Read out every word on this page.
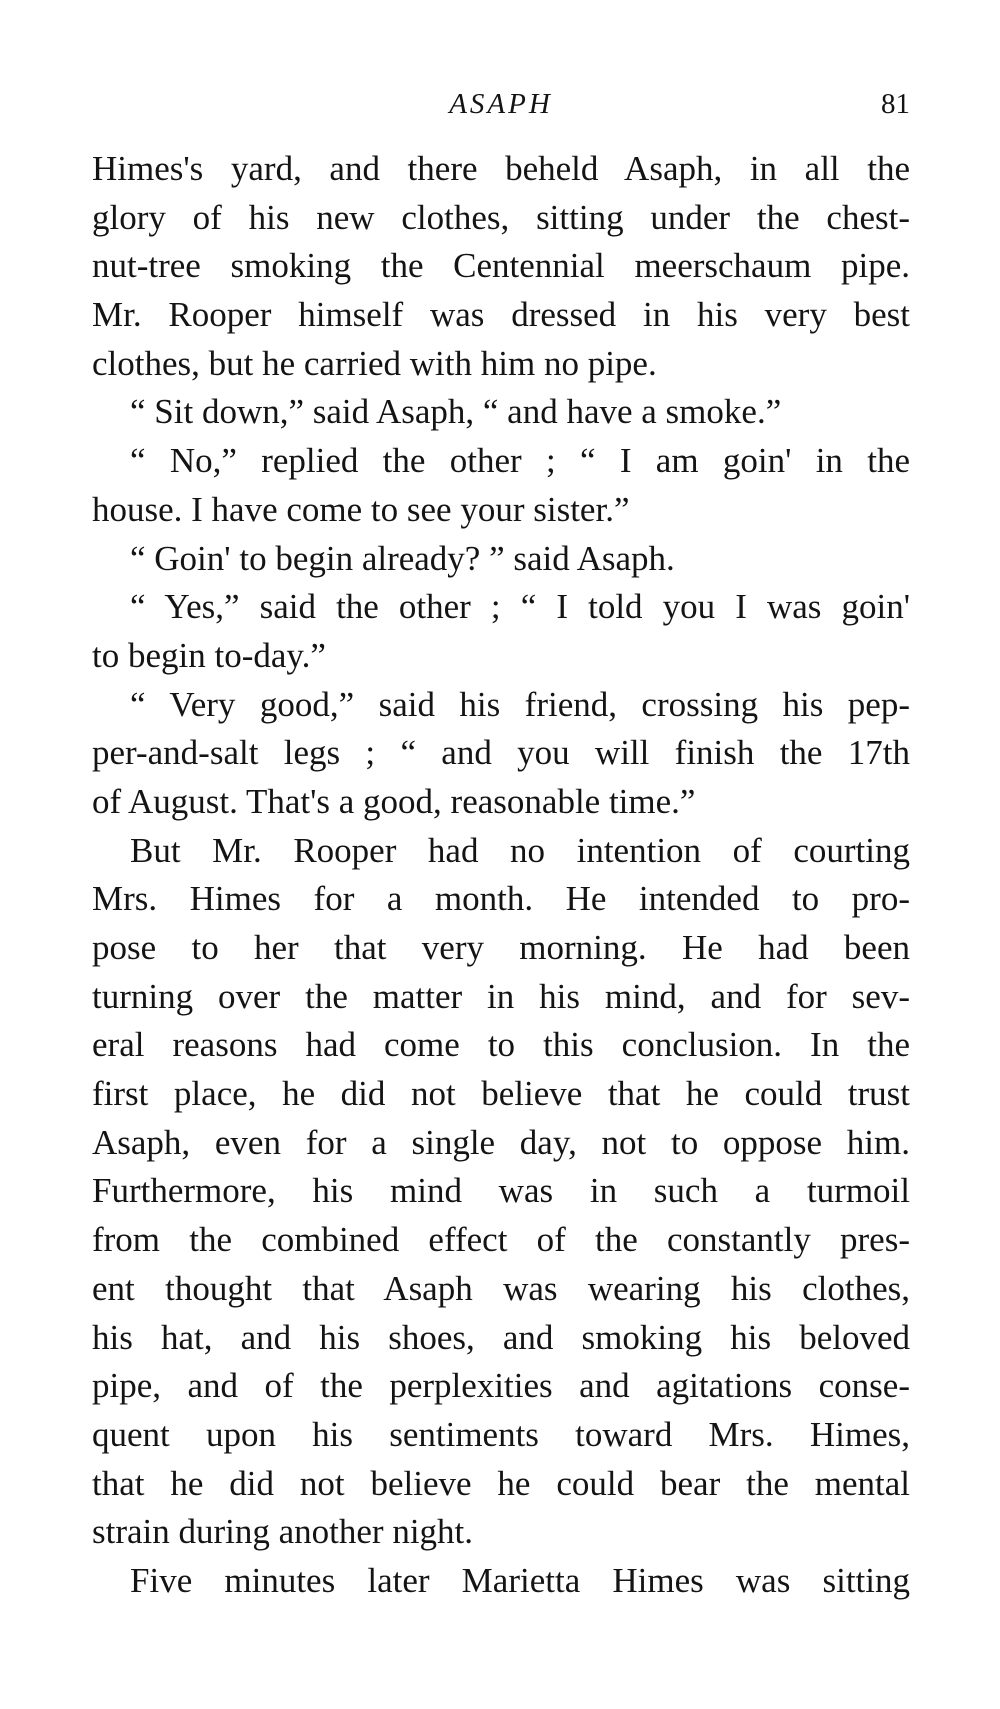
ASAPH	81
Himes's yard, and there beheld Asaph, in all the
glory of his new clothes, sitting under the chest-
nut-tree smoking the Centennial meerschaum pipe.
Mr. Rooper himself was dressed in his very best
clothes, but he carried with him no pipe.
“ Sit down,” said Asaph, “ and have a smoke.”
“ No,” replied the other ; “ I am goin' in the
house. I have come to see your sister.”
“ Goin' to begin already? ” said Asaph.
“ Yes,” said the other ; “ I told you I was goin'
to begin to-day.”
“ Very good,” said his friend, crossing his pep-
per-and-salt legs ; “ and you will finish the 17th
of August. That's a good, reasonable time.”
But Mr. Rooper had no intention of courting
Mrs. Himes for a month. He intended to pro-
pose to her that very morning. He had been
turning over the matter in his mind, and for sev-
eral reasons had come to this conclusion. In the
first place, he did not believe that he could trust
Asaph, even for a single day, not to oppose him.
Furthermore, his mind was in such a turmoil
from the combined effect of the constantly pres-
ent thought that Asaph was wearing his clothes,
his hat, and his shoes, and smoking his beloved
pipe, and of the perplexities and agitations conse-
quent upon his sentiments toward Mrs. Himes,
that he did not believe he could bear the mental
strain during another night.
Five minutes later Marietta Himes was sitting
